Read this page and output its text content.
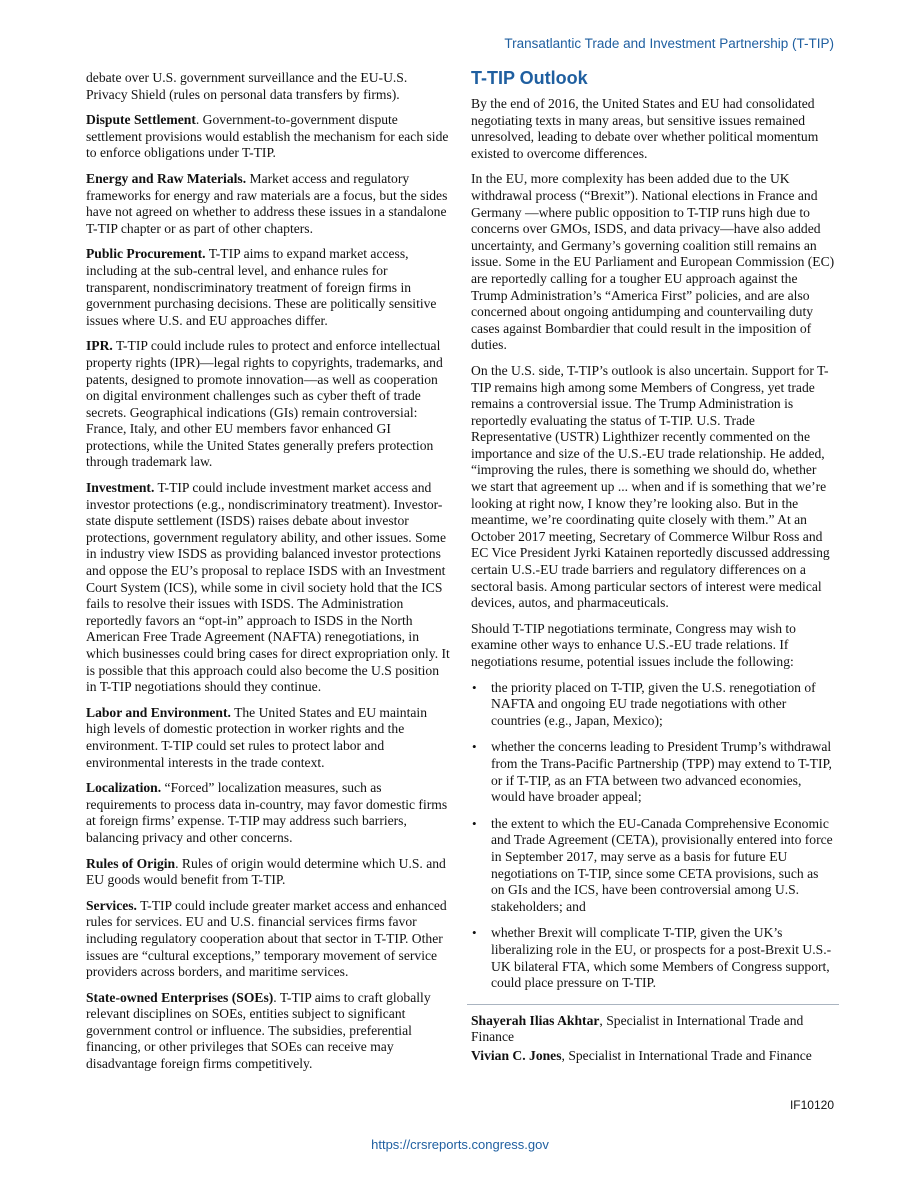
Transatlantic Trade and Investment Partnership (T-TIP)

debate over U.S. government surveillance and the EU-U.S. Privacy Shield (rules on personal data transfers by firms).

Dispute Settlement. Government-to-government dispute settlement provisions would establish the mechanism for each side to enforce obligations under T-TIP.

Energy and Raw Materials. Market access and regulatory frameworks for energy and raw materials are a focus, but the sides have not agreed on whether to address these issues in a standalone T-TIP chapter or as part of other chapters.

Public Procurement. T-TIP aims to expand market access, including at the sub-central level, and enhance rules for transparent, nondiscriminatory treatment of foreign firms in government purchasing decisions. These are politically sensitive issues where U.S. and EU approaches differ.

IPR. T-TIP could include rules to protect and enforce intellectual property rights (IPR)—legal rights to copyrights, trademarks, and patents, designed to promote innovation—as well as cooperation on digital environment challenges such as cyber theft of trade secrets. Geographical indications (GIs) remain controversial: France, Italy, and other EU members favor enhanced GI protections, while the United States generally prefers protection through trademark law.

Investment. T-TIP could include investment market access and investor protections (e.g., nondiscriminatory treatment). Investor-state dispute settlement (ISDS) raises debate about investor protections, government regulatory ability, and other issues. Some in industry view ISDS as providing balanced investor protections and oppose the EU’s proposal to replace ISDS with an Investment Court System (ICS), while some in civil society hold that the ICS fails to resolve their issues with ISDS. The Administration reportedly favors an “opt-in” approach to ISDS in the North American Free Trade Agreement (NAFTA) renegotiations, in which businesses could bring cases for direct expropriation only. It is possible that this approach could also become the U.S position in T-TIP negotiations should they continue.

Labor and Environment. The United States and EU maintain high levels of domestic protection in worker rights and the environment. T-TIP could set rules to protect labor and environmental interests in the trade context.

Localization. “Forced” localization measures, such as requirements to process data in-country, may favor domestic firms at foreign firms’ expense. T-TIP may address such barriers, balancing privacy and other concerns.

Rules of Origin. Rules of origin would determine which U.S. and EU goods would benefit from T-TIP.

Services. T-TIP could include greater market access and enhanced rules for services. EU and U.S. financial services firms favor including regulatory cooperation about that sector in T-TIP. Other issues are “cultural exceptions,” temporary movement of service providers across borders, and maritime services.

State-owned Enterprises (SOEs). T-TIP aims to craft globally relevant disciplines on SOEs, entities subject to significant government control or influence. The subsidies, preferential financing, or other privileges that SOEs can receive may disadvantage foreign firms competitively.

T-TIP Outlook

By the end of 2016, the United States and EU had consolidated negotiating texts in many areas, but sensitive issues remained unresolved, leading to debate over whether political momentum existed to overcome differences.

In the EU, more complexity has been added due to the UK withdrawal process (“Brexit”). National elections in France and Germany —where public opposition to T-TIP runs high due to concerns over GMOs, ISDS, and data privacy—have also added uncertainty, and Germany’s governing coalition still remains an issue. Some in the EU Parliament and European Commission (EC) are reportedly calling for a tougher EU approach against the Trump Administration’s “America First” policies, and are also concerned about ongoing antidumping and countervailing duty cases against Bombardier that could result in the imposition of duties.

On the U.S. side, T-TIP’s outlook is also uncertain. Support for T-TIP remains high among some Members of Congress, yet trade remains a controversial issue. The Trump Administration is reportedly evaluating the status of T-TIP. U.S. Trade Representative (USTR) Lighthizer recently commented on the importance and size of the U.S.-EU trade relationship. He added, “improving the rules, there is something we should do, whether we start that agreement up ... when and if is something that we’re looking at right now, I know they’re looking also. But in the meantime, we’re coordinating quite closely with them.” At an October 2017 meeting, Secretary of Commerce Wilbur Ross and EC Vice President Jyrki Katainen reportedly discussed addressing certain U.S.-EU trade barriers and regulatory differences on a sectoral basis. Among particular sectors of interest were medical devices, autos, and pharmaceuticals.

Should T-TIP negotiations terminate, Congress may wish to examine other ways to enhance U.S.-EU trade relations. If negotiations resume, potential issues include the following:

• the priority placed on T-TIP, given the U.S. renegotiation of NAFTA and ongoing EU trade negotiations with other countries (e.g., Japan, Mexico);
• whether the concerns leading to President Trump’s withdrawal from the Trans-Pacific Partnership (TPP) may extend to T-TIP, or if T-TIP, as an FTA between two advanced economies, would have broader appeal;
• the extent to which the EU-Canada Comprehensive Economic and Trade Agreement (CETA), provisionally entered into force in September 2017, may serve as a basis for future EU negotiations on T-TIP, since some CETA provisions, such as on GIs and the ICS, have been controversial among U.S. stakeholders; and
• whether Brexit will complicate T-TIP, given the UK’s liberalizing role in the EU, or prospects for a post-Brexit U.S.-UK bilateral FTA, which some Members of Congress support, could place pressure on T-TIP.
Shayerah Ilias Akhtar, Specialist in International Trade and Finance
Vivian C. Jones, Specialist in International Trade and Finance
IF10120
https://crsreports.congress.gov
